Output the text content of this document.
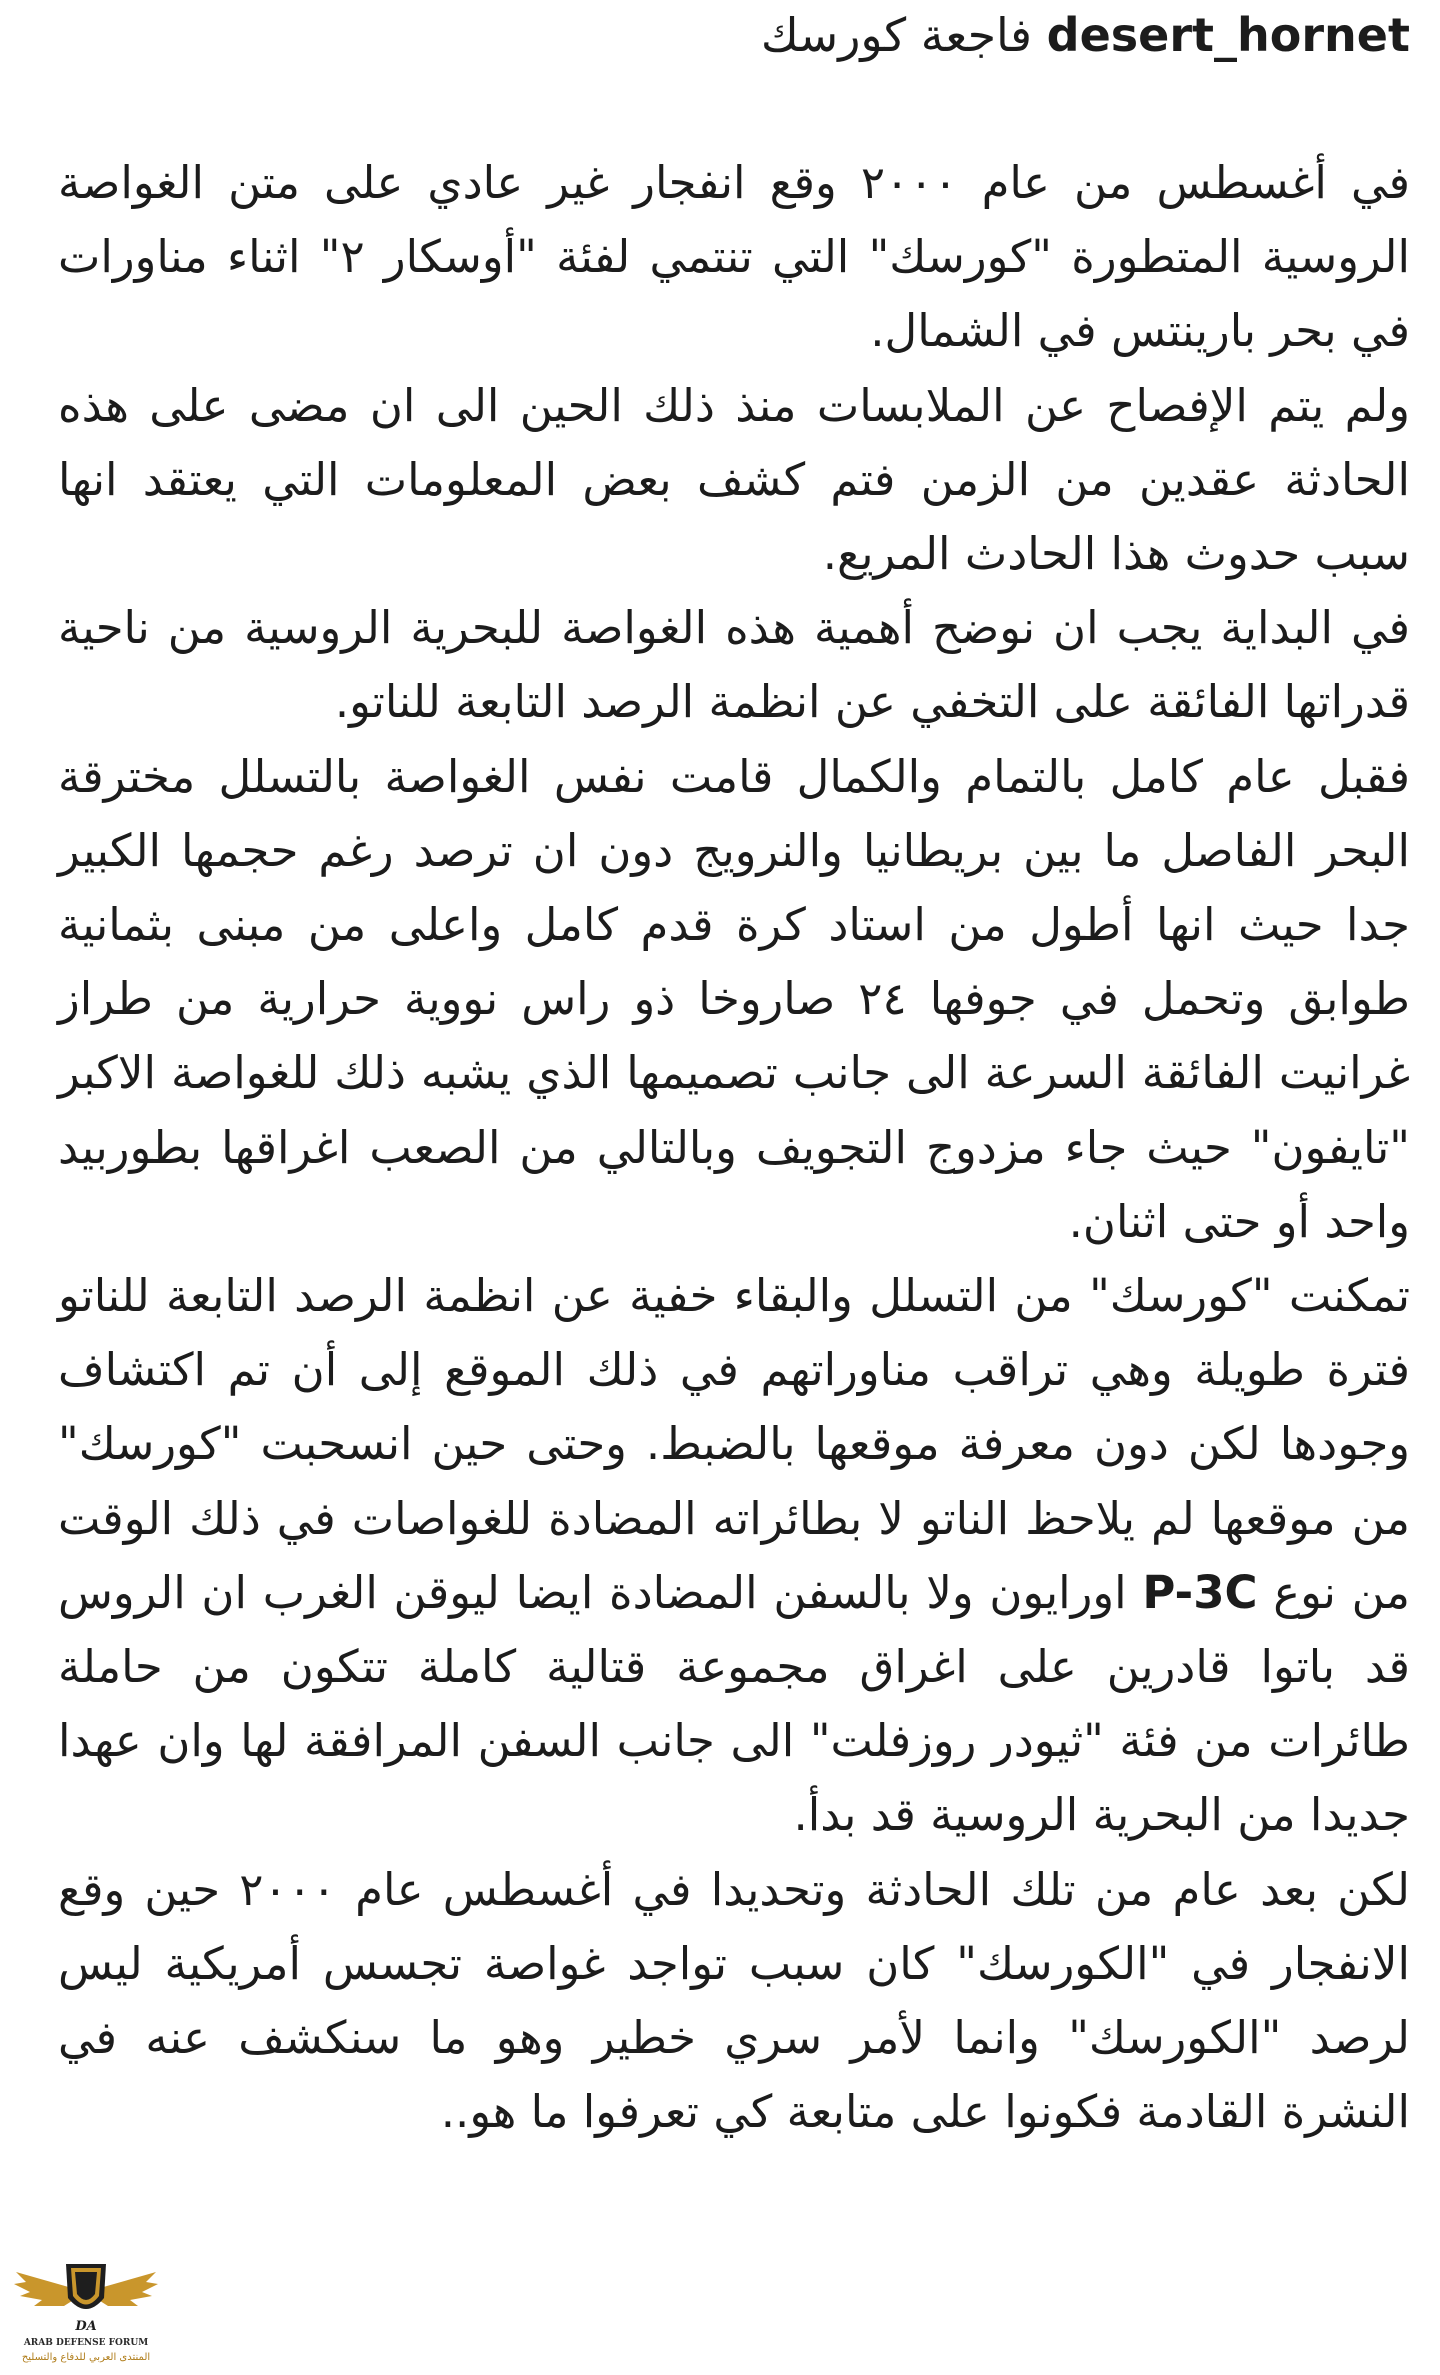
desert_hornet فاجعة كورسك

في أغسطس من عام ٢٠٠٠ وقع انفجار غير عادي على متن الغواصة الروسية المتطورة "كورسك" التي تنتمي لفئة "أوسكار ٢" اثناء مناورات في بحر بارينتس في الشمال.

ولم يتم الإفصاح عن الملابسات منذ ذلك الحين الى ان مضى على هذه الحادثة عقدين من الزمن فتم كشف بعض المعلومات التي يعتقد انها سبب حدوث هذا الحادث المريع.

في البداية يجب ان نوضح أهمية هذه الغواصة للبحرية الروسية من ناحية قدراتها الفائقة على التخفي عن انظمة الرصد التابعة للناتو.

فقبل عام كامل بالتمام والكمال قامت نفس الغواصة بالتسلل مخترقة البحر الفاصل ما بين بريطانيا والنرويج دون ان ترصد رغم حجمها الكبير جدا حيث انها أطول من استاد كرة قدم كامل واعلى من مبنى بثمانية طوابق وتحمل في جوفها ٢٤ صاروخا ذو راس نووية حرارية من طراز غرانيت الفائقة السرعة الى جانب تصميمها الذي يشبه ذلك للغواصة الاكبر "تايفون" حيث جاء مزدوج التجويف وبالتالي من الصعب اغراقها بطوربيد واحد أو حتى اثنان.

تمكنت "كورسك" من التسلل والبقاء خفية عن انظمة الرصد التابعة للناتو فترة طويلة وهي تراقب مناوراتهم في ذلك الموقع إلى أن تم اكتشاف وجودها لكن دون معرفة موقعها بالضبط. وحتى حين انسحبت "كورسك" من موقعها لم يلاحظ الناتو لا بطائراته المضادة للغواصات في ذلك الوقت من نوع P-3C اورايون ولا بالسفن المضادة ايضا ليوقن الغرب ان الروس قد باتوا قادرين على اغراق مجموعة قتالية كاملة تتكون من حاملة طائرات من فئة "ثيودر روزفلت" الى جانب السفن المرافقة لها وان عهدا جديدا من البحرية الروسية قد بدأ.

لكن بعد عام من تلك الحادثة وتحديدا في أغسطس عام ٢٠٠٠ حين وقع الانفجار في "الكورسك" كان سبب تواجد غواصة تجسس أمريكية ليس لرصد "الكورسك" وانما لأمر سري خطير وهو ما سنكشف عنه في النشرة القادمة فكونوا على متابعة كي تعرفوا ما هو..

DA
ARAB DEFENSE FORUM
المنتدى العربي للدفاع والتسليح
